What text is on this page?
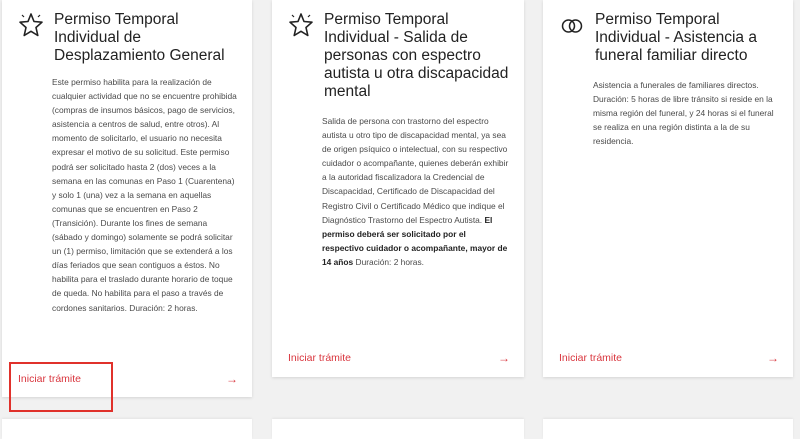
Permiso Temporal Individual de Desplazamiento General

Este permiso habilita para la realización de cualquier actividad que no se encuentre prohibida (compras de insumos básicos, pago de servicios, asistencia a centros de salud, entre otros). Al momento de solicitarlo, el usuario no necesita expresar el motivo de su solicitud. Este permiso podrá ser solicitado hasta 2 (dos) veces a la semana en las comunas en Paso 1 (Cuarentena) y solo 1 (una) vez a la semana en aquellas comunas que se encuentren en Paso 2 (Transición). Durante los fines de semana (sábado y domingo) solamente se podrá solicitar un (1) permiso, limitación que se extenderá a los días feriados que sean contiguos a éstos. No habilita para el traslado durante horario de toque de queda. No habilita para el paso a través de cordones sanitarios. Duración: 2 horas.

Iniciar trámite	→
Permiso Temporal Individual - Salida de personas con espectro autista u otra discapacidad mental

Salida de persona con trastorno del espectro autista u otro tipo de discapacidad mental, ya sea de origen psíquico o intelectual, con su respectivo cuidador o acompañante, quienes deberán exhibir a la autoridad fiscalizadora la Credencial de Discapacidad, Certificado de Discapacidad del Registro Civil o Certificado Médico que indique el Diagnóstico Trastorno del Espectro Autista. El permiso deberá ser solicitado por el respectivo cuidador o acompañante, mayor de 14 años Duración: 2 horas.

Iniciar trámite	→
Permiso Temporal Individual - Asistencia a funeral familiar directo

Asistencia a funerales de familiares directos. Duración: 5 horas de libre tránsito si reside en la misma región del funeral, y 24 horas si el funeral se realiza en una región distinta a la de su residencia.

Iniciar trámite	→
